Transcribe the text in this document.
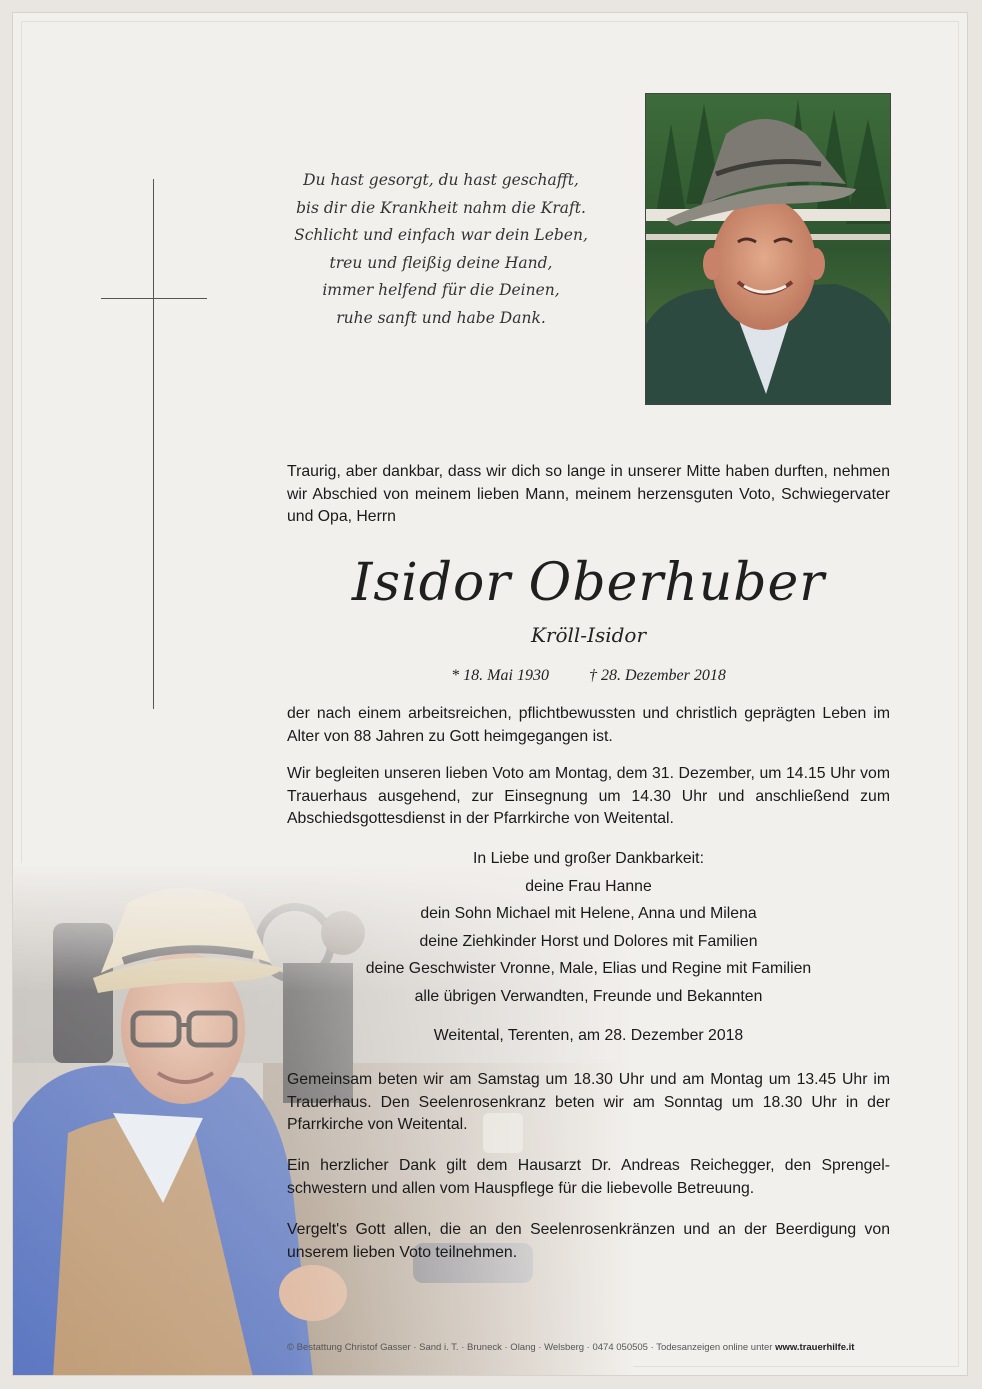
Du hast gesorgt, du hast geschafft,
bis dir die Krankheit nahm die Kraft.
Schlicht und einfach war dein Leben,
treu und fleißig deine Hand,
immer helfend für die Deinen,
ruhe sanft und habe Dank.
Traurig, aber dankbar, dass wir dich so lange in unserer Mitte haben durften, nehmen wir Abschied von meinem lieben Mann, meinem herzensguten Voto, Schwiegervater und Opa, Herrn
Isidor Oberhuber
Kröll-Isidor
* 18. Mai 1930	† 28. Dezember 2018
der nach einem arbeitsreichen, pflichtbewussten und christlich geprägten Leben im Alter von 88 Jahren zu Gott heimgegangen ist.
Wir begleiten unseren lieben Voto am Montag, dem 31. Dezember, um 14.15 Uhr vom Trauerhaus ausgehend, zur Einsegnung um 14.30 Uhr und anschließend zum Abschiedsgottesdienst in der Pfarrkirche von Weitental.
In Liebe und großer Dankbarkeit:
deine Frau Hanne
dein Sohn Michael mit Helene, Anna und Milena
deine Ziehkinder Horst und Dolores mit Familien
deine Geschwister Vronne, Male, Elias und Regine mit Familien
alle übrigen Verwandten, Freunde und Bekannten
Weitental, Terenten, am 28. Dezember 2018
Gemeinsam beten wir am Samstag um 18.30 Uhr und am Montag um 13.45 Uhr im Trauerhaus. Den Seelenrosenkranz beten wir am Sonntag um 18.30 Uhr in der Pfarrkirche von Weitental.
Ein herzlicher Dank gilt dem Hausarzt Dr. Andreas Reichegger, den Sprengel-schwestern und allen vom Hauspflege für die liebevolle Betreuung.
Vergelt's Gott allen, die an den Seelenrosenkränzen und an der Beerdigung von unserem lieben Voto teilnehmen.
© Bestattung Christof Gasser · Sand i. T. · Bruneck · Olang · Welsberg · 0474 050505 · Todesanzeigen online unter www.trauerhilfe.it
